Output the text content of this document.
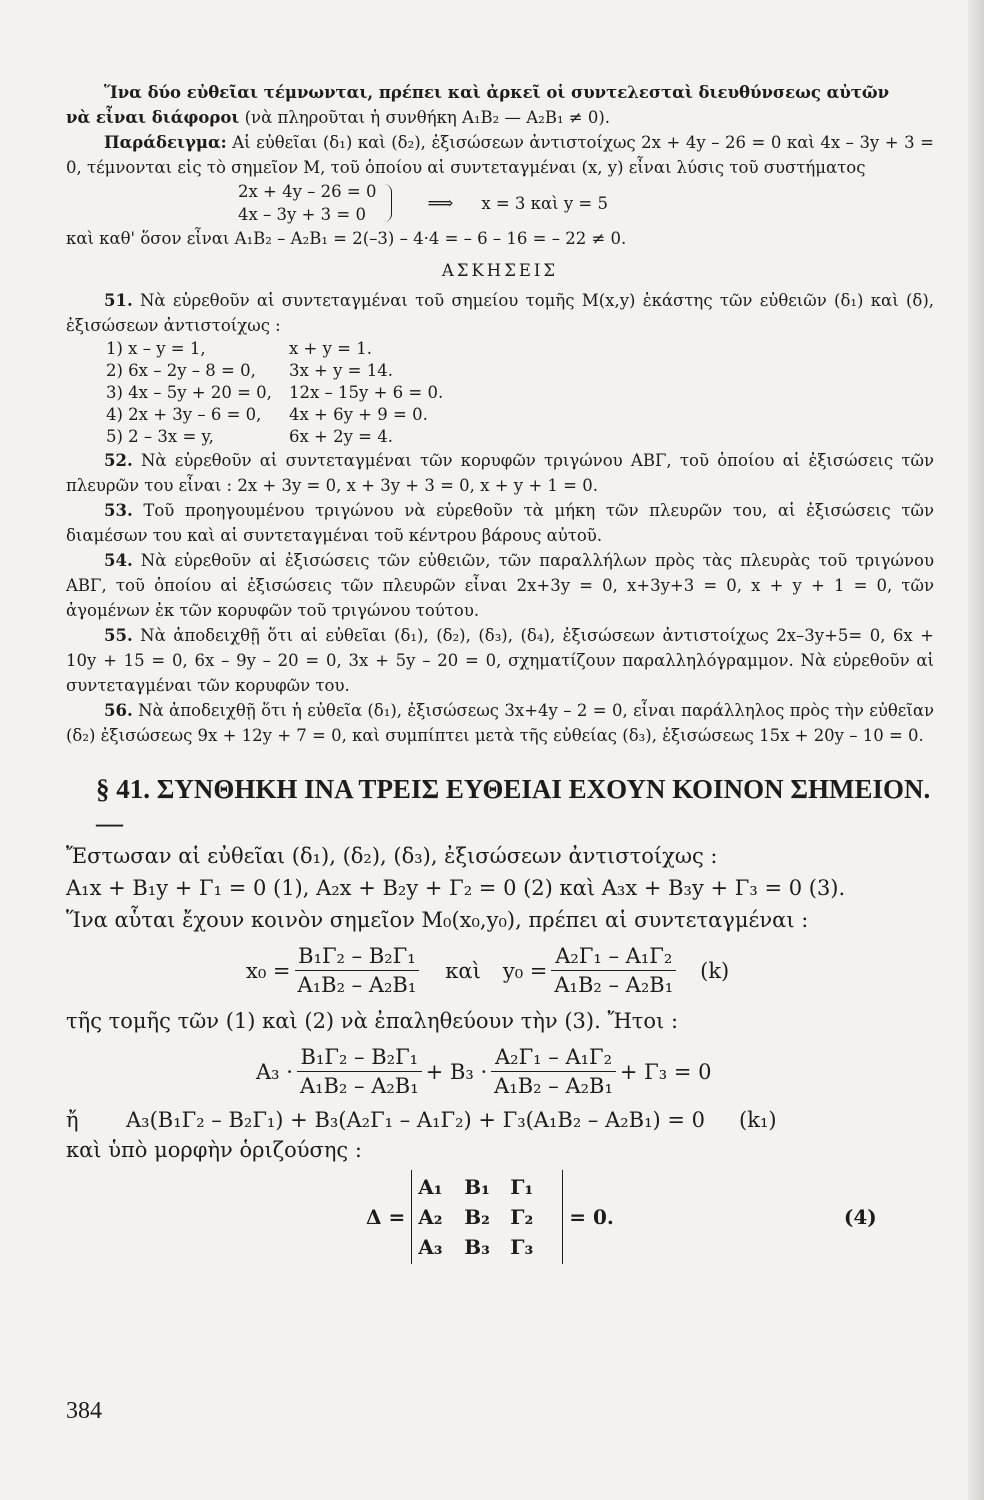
Ἵνα δύο εὐθεῖαι τέμνωνται, πρέπει καὶ ἀρκεῖ οἱ συντελεσταὶ διευθύνσεως αὐτῶν

νὰ εἶναι διάφοροι (νὰ πληροῦται ἡ συνθήκη A₁B₂ — A₂B₁ ≠ 0).

Παράδειγμα: Αἱ εὐθεῖαι (δ₁) καὶ (δ₂), ἐξισώσεων ἀντιστοίχως 2x + 4y – 26 = 0 καὶ 4x – 3y + 3 = 0, τέμνονται εἰς τὸ σημεῖον Μ, τοῦ ὁποίου αἱ συντεταγμέναι (x, y) εἶναι λύσις τοῦ συστήματος

2x + 4y – 26 = 0
4x – 3y + 3 = 0
⟹ x = 3 καὶ y = 5

καὶ καθ' ὅσον εἶναι A₁B₂ – A₂B₁ = 2(–3) – 4·4 = – 6 – 16 = – 22 ≠ 0.

ΑΣΚΗΣΕΙΣ

51. Νὰ εὑρεθοῦν αἱ συντεταγμέναι τοῦ σημείου τομῆς M(x,y) ἑκάστης τῶν εὐθειῶν (δ₁) καὶ (δ), ἐξισώσεων ἀντιστοίχως :

1) x – y = 1,	x + y = 1.
2) 6x – 2y – 8 = 0,	3x + y = 14.
3) 4x – 5y + 20 = 0,	12x – 15y + 6 = 0.
4) 2x + 3y – 6 = 0,	4x + 6y + 9 = 0.
5) 2 – 3x = y,	6x + 2y = 4.

52. Νὰ εὑρεθοῦν αἱ συντεταγμέναι τῶν κορυφῶν τριγώνου ΑΒΓ, τοῦ ὁποίου αἱ ἐξισώσεις τῶν πλευρῶν του εἶναι : 2x + 3y = 0, x + 3y + 3 = 0, x + y + 1 = 0.

53. Τοῦ προηγουμένου τριγώνου νὰ εὑρεθοῦν τὰ μήκη τῶν πλευρῶν του, αἱ ἐξισώσεις τῶν διαμέσων του καὶ αἱ συντεταγμέναι τοῦ κέντρου βάρους αὐτοῦ.

54. Νὰ εὑρεθοῦν αἱ ἐξισώσεις τῶν εὐθειῶν, τῶν παραλλήλων πρὸς τὰς πλευρὰς τοῦ τριγώνου ΑΒΓ, τοῦ ὁποίου αἱ ἐξισώσεις τῶν πλευρῶν εἶναι 2x+3y = 0, x+3y+3 = 0, x + y + 1 = 0, τῶν ἀγομένων ἐκ τῶν κορυφῶν τοῦ τριγώνου τούτου.

55. Νὰ ἀποδειχθῇ ὅτι αἱ εὐθεῖαι (δ₁), (δ₂), (δ₃), (δ₄), ἐξισώσεων ἀντιστοίχως 2x–3y+5= 0, 6x + 10y + 15 = 0, 6x – 9y – 20 = 0, 3x + 5y – 20 = 0, σχηματίζουν παραλληλόγραμμον. Νὰ εὑρεθοῦν αἱ συντεταγμέναι τῶν κορυφῶν του.

56. Νὰ ἀποδειχθῇ ὅτι ἡ εὐθεῖα (δ₁), ἐξισώσεως 3x+4y – 2 = 0, εἶναι παράλληλος πρὸς τὴν εὐθεῖαν (δ₂) ἐξισώσεως 9x + 12y + 7 = 0, καὶ συμπίπτει μετὰ τῆς εὐθείας (δ₃), ἐξισώσεως 15x + 20y – 10 = 0.

§ 41. ΣΥΝΘΗΚΗ ΙΝΑ ΤΡΕΙΣ ΕΥΘΕΙΑΙ ΕΧΟΥΝ ΚΟΙΝΟΝ ΣΗΜΕΙΟΝ.—

Ἔστωσαν αἱ εὐθεῖαι (δ₁), (δ₂), (δ₃), ἐξισώσεων ἀντιστοίχως :

A₁x + B₁y + Γ₁ = 0 (1), A₂x + B₂y + Γ₂ = 0 (2) καὶ A₃x + B₃y + Γ₃ = 0 (3).

Ἵνα αὗται ἔχουν κοινὸν σημεῖον M₀(x₀,y₀), πρέπει αἱ συντεταγμέναι :

$x_0 = \frac{\text{B₁Γ₂ – B₂Γ₁}}{\text{A₁B₂ – A₂B₁}}$ καὶ $y_0 = \frac{\text{A₂Γ₁ – A₁Γ₂}}{\text{A₁B₂ – A₂B₁}} (k)$

τῆς τομῆς τῶν (1) καὶ (2) νὰ ἐπαληθεύουν τὴν (3). Ἤτοι :

$A_3 \cdot \frac{\text{B₁Γ₂ – B₂Γ₁}}{\text{A₁B₂ – A₂B₁}} + B_3 \cdot \frac{\text{A₂Γ₁ – A₁Γ₂}}{\text{A₁B₂ – A₂B₁}} + \Gamma_3 = 0$
ἤ	A₃(B₁Γ₂ – B₂Γ₁) + B₃(A₂Γ₁ – A₁Γ₂) + Γ₃(A₁B₂ – A₂B₁) = 0 (k₁)

καὶ ὑπὸ μορφὴν ὁριζούσης :

Δ =
A₁	B₁	Γ₁
A₂	B₂	Γ₂
A₃	B₃	Γ₃
= 0.	(4)
384
